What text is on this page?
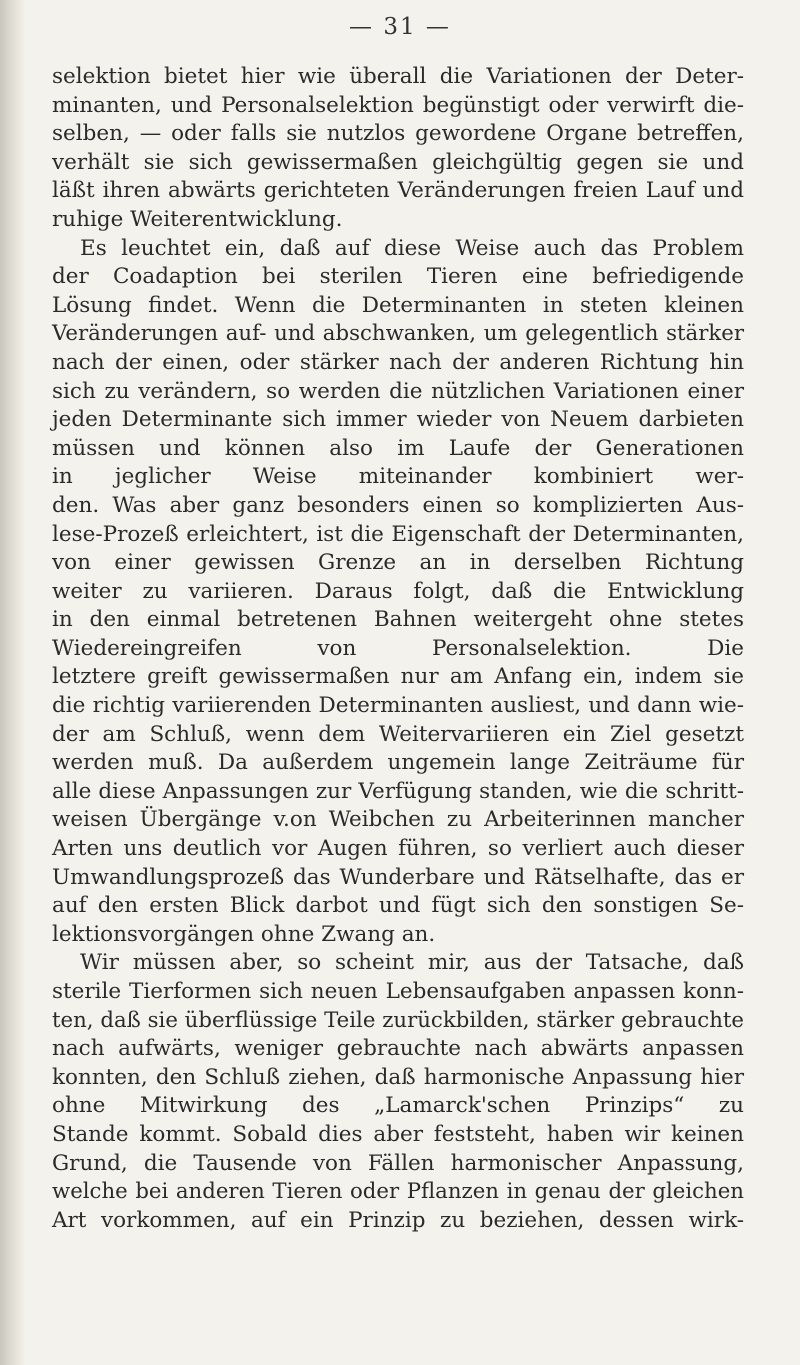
— 31 —
selektion bietet hier wie überall die Variationen der Deter-
minanten, und Personalselektion begünstigt oder verwirft die-
selben, — oder falls sie nutzlos gewordene Organe betreffen,
verhält sie sich gewissermaßen gleichgültig gegen sie und
läßt ihren abwärts gerichteten Veränderungen freien Lauf und
ruhige Weiterentwicklung.
Es leuchtet ein, daß auf diese Weise auch das Problem
der Coadaption bei sterilen Tieren eine befriedigende
Lösung findet. Wenn die Determinanten in steten kleinen
Veränderungen auf- und abschwanken, um gelegentlich stärker
nach der einen, oder stärker nach der anderen Richtung hin
sich zu verändern, so werden die nützlichen Variationen einer
jeden Determinante sich immer wieder von Neuem darbieten
müssen und können also im Laufe der Generationen
in jeglicher Weise miteinander kombiniert wer-
den. Was aber ganz besonders einen so komplizierten Aus-
lese-Prozeß erleichtert, ist die Eigenschaft der Determinanten,
von einer gewissen Grenze an in derselben Richtung
weiter zu variieren. Daraus folgt, daß die Entwicklung
in den einmal betretenen Bahnen weitergeht ohne stetes
Wiedereingreifen von Personalselektion. Die
letztere greift gewissermaßen nur am Anfang ein, indem sie
die richtig variierenden Determinanten ausliest, und dann wie-
der am Schluß, wenn dem Weitervariieren ein Ziel gesetzt
werden muß. Da außerdem ungemein lange Zeiträume für
alle diese Anpassungen zur Verfügung standen, wie die schritt-
weisen Übergänge v.on Weibchen zu Arbeiterinnen mancher
Arten uns deutlich vor Augen führen, so verliert auch dieser
Umwandlungsprozeß das Wunderbare und Rätselhafte, das er
auf den ersten Blick darbot und fügt sich den sonstigen Se-
lektionsvorgängen ohne Zwang an.
Wir müssen aber, so scheint mir, aus der Tatsache, daß
sterile Tierformen sich neuen Lebensaufgaben anpassen konn-
ten, daß sie überflüssige Teile zurückbilden, stärker gebrauchte
nach aufwärts, weniger gebrauchte nach abwärts anpassen
konnten, den Schluß ziehen, daß harmonische Anpassung hier
ohne Mitwirkung des „Lamarck'schen Prinzips“ zu
Stande kommt. Sobald dies aber feststeht, haben wir keinen
Grund, die Tausende von Fällen harmonischer Anpassung,
welche bei anderen Tieren oder Pflanzen in genau der gleichen
Art vorkommen, auf ein Prinzip zu beziehen, dessen wirk-
